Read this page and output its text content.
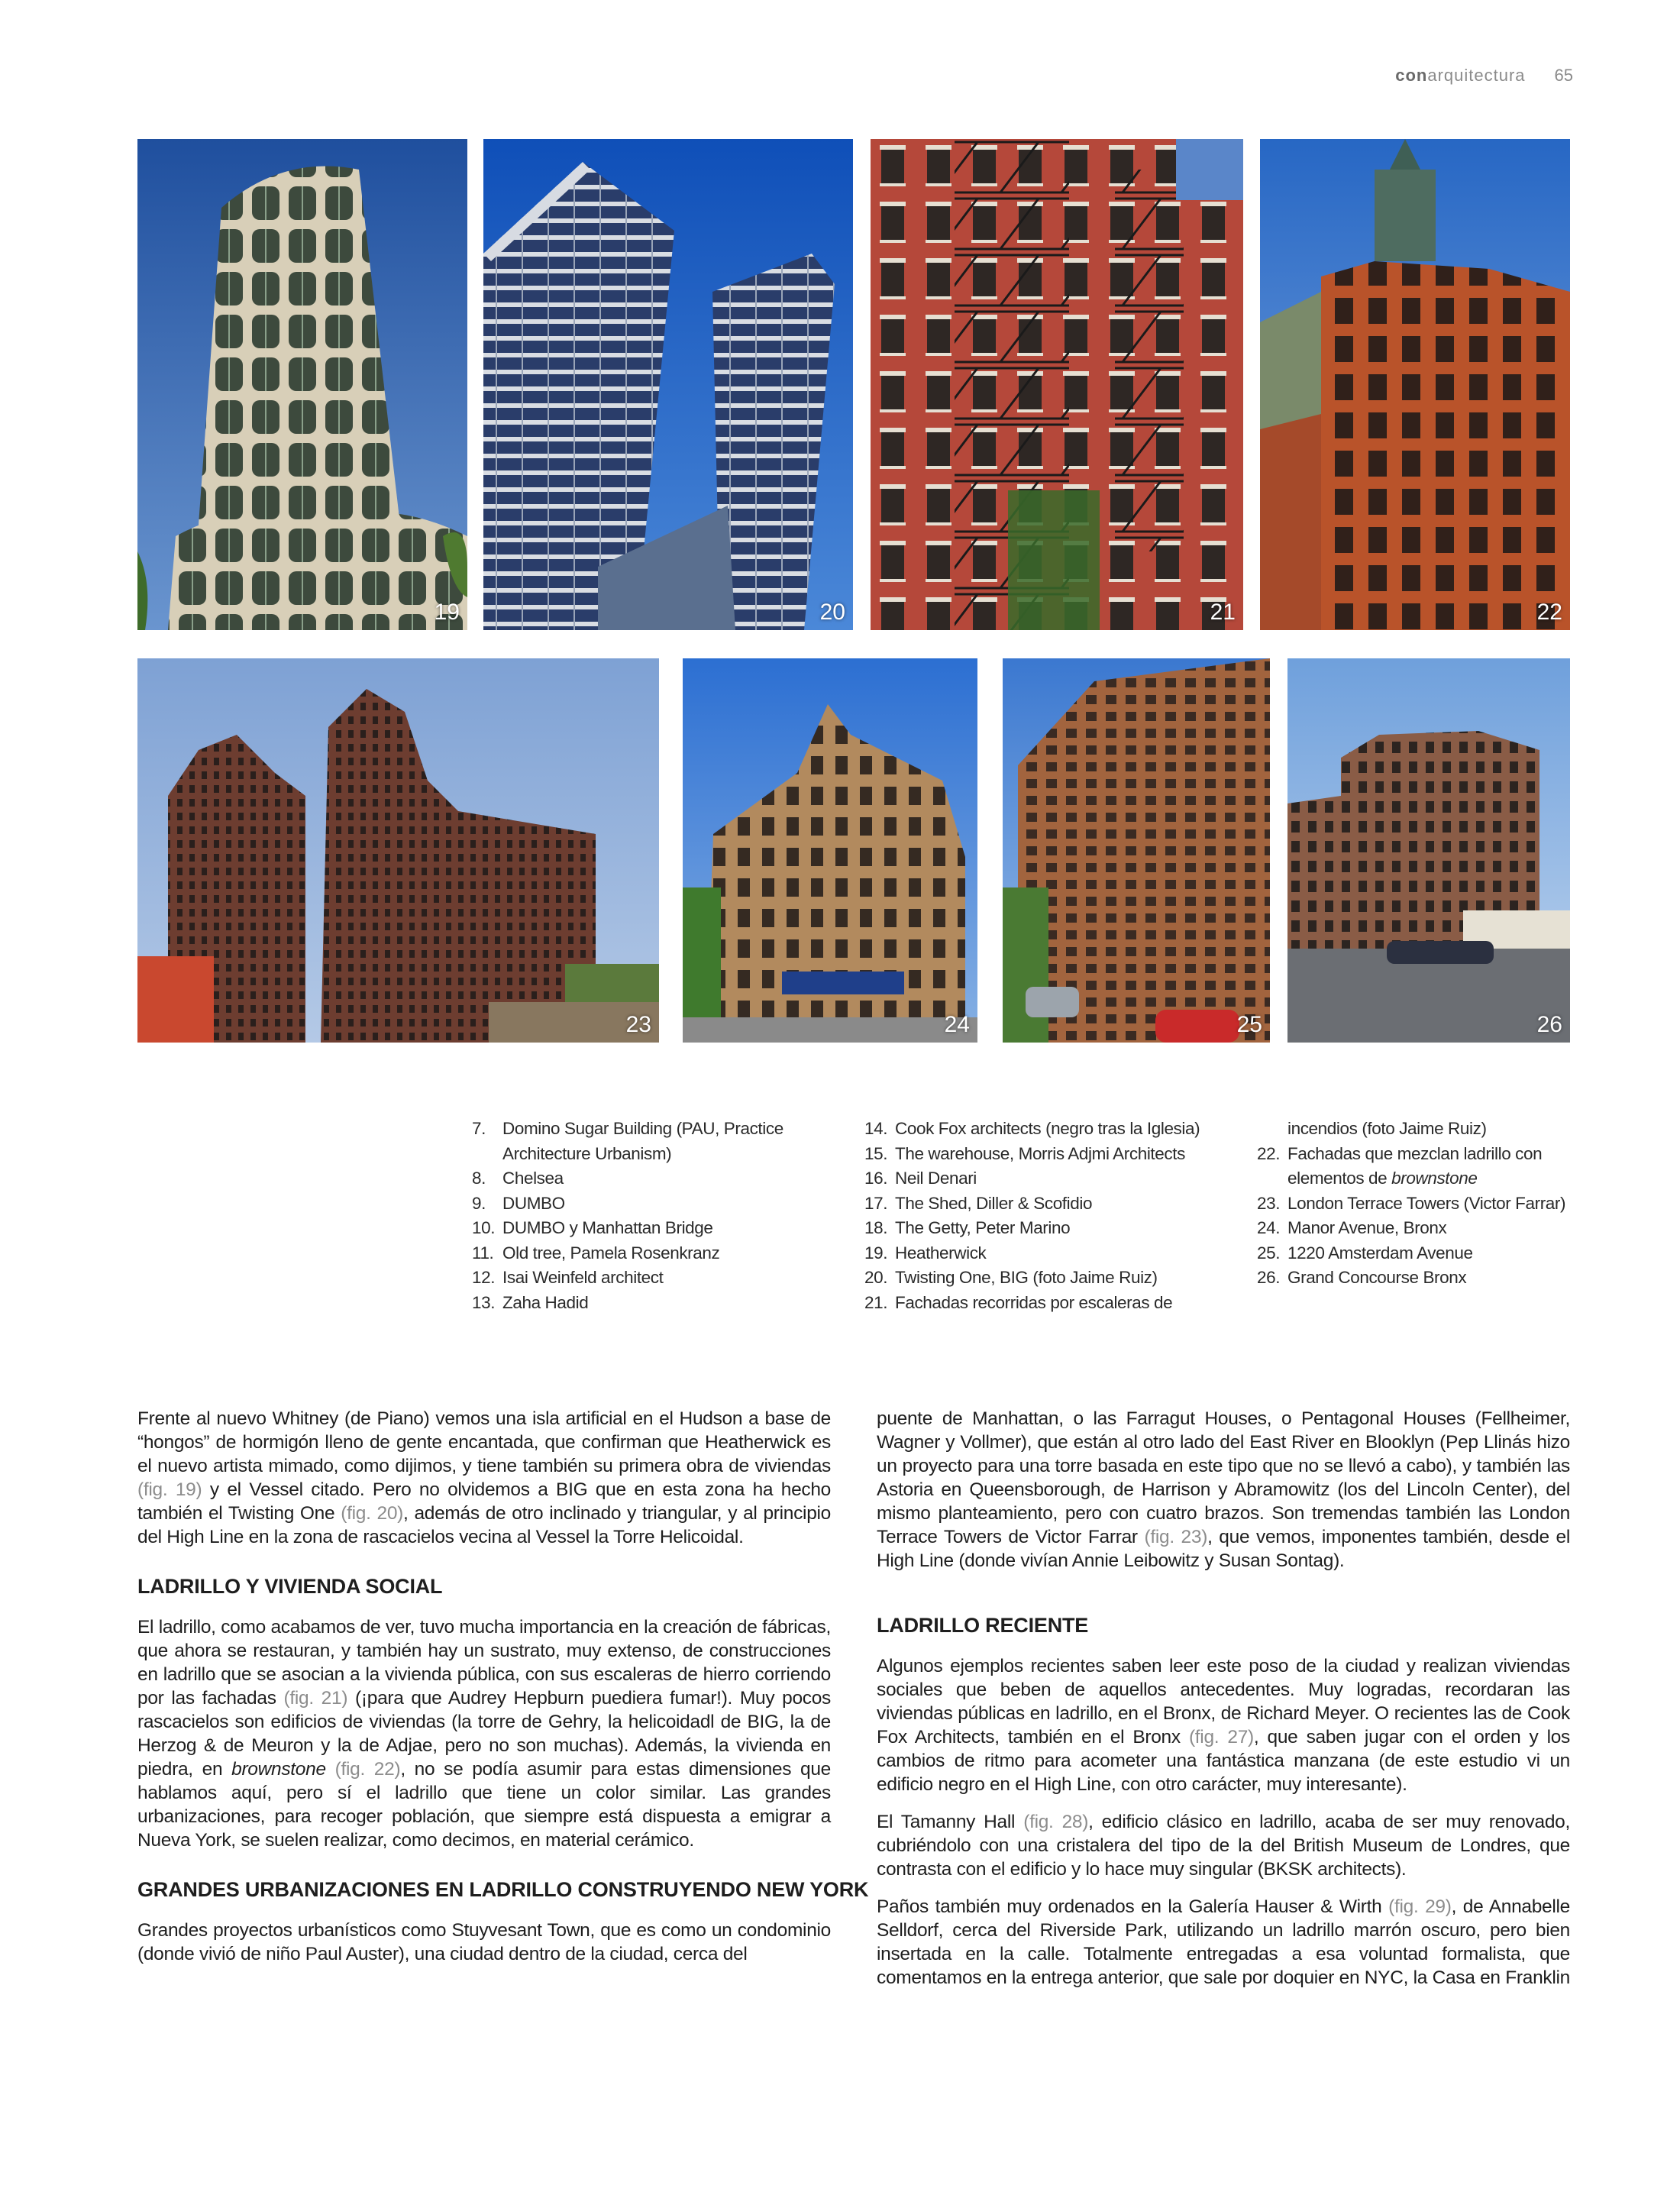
conarquitectura 65
19	20	21	22
23	24	25	26
7. Domino Sugar Building (PAU, Practice Architecture Urbanism)
8. Chelsea
9. DUMBO
10. DUMBO y Manhattan Bridge
11. Old tree, Pamela Rosenkranz
12. Isai Weinfeld architect
13. Zaha Hadid
14. Cook Fox architects (negro tras la Iglesia)
15. The warehouse, Morris Adjmi Architects
16. Neil Denari
17. The Shed, Diller & Scofidio
18. The Getty, Peter Marino
19. Heatherwick
20. Twisting One, BIG (foto Jaime Ruiz)
21. Fachadas recorridas por escaleras de
incendios (foto Jaime Ruiz)
22. Fachadas que mezclan ladrillo con elementos de brownstone
23. London Terrace Towers (Victor Farrar)
24. Manor Avenue, Bronx
25. 1220 Amsterdam Avenue
26. Grand Concourse Bronx

Frente al nuevo Whitney (de Piano) vemos una isla artificial en el Hudson a base de “hongos” de hormigón lleno de gente encantada, que confirman que Heatherwick es el nuevo artista mimado, como dijimos, y tiene también su primera obra de viviendas (fig. 19) y el Vessel citado. Pero no olvidemos a BIG que en esta zona ha hecho también el Twisting One (fig. 20), además de otro inclinado y triangular, y al principio del High Line en la zona de rascacielos vecina al Vessel la Torre Helicoidal.

LADRILLO Y VIVIENDA SOCIAL

El ladrillo, como acabamos de ver, tuvo mucha importancia en la creación de fábricas, que ahora se restauran, y también hay un sustrato, muy extenso, de construcciones en ladrillo que se asocian a la vivienda pública, con sus escaleras de hierro corriendo por las fachadas (fig. 21) (¡para que Audrey Hepburn puediera fumar!). Muy pocos rascacielos son edificios de viviendas (la torre de Gehry, la helicoidadl de BIG, la de Herzog & de Meuron y la de Adjae, pero no son muchas). Además, la vivienda en piedra, en brownstone (fig. 22), no se podía asumir para estas dimensiones que hablamos aquí, pero sí el ladrillo que tiene un color similar. Las grandes urbanizaciones, para recoger población, que siempre está dispuesta a emigrar a Nueva York, se suelen realizar, como decimos, en material cerámico.

GRANDES URBANIZACIONES EN LADRILLO CONSTRUYENDO NEW YORK

Grandes proyectos urbanísticos como Stuyvesant Town, que es como un condominio (donde vivió de niño Paul Auster), una ciudad dentro de la ciudad, cerca del

puente de Manhattan, o las Farragut Houses, o Pentagonal Houses (Fellheimer, Wagner y Vollmer), que están al otro lado del East River en Blooklyn (Pep Llinás hizo un proyecto para una torre basada en este tipo que no se llevó a cabo), y también las Astoria en Queensborough, de Harrison y Abramowitz (los del Lincoln Center), del mismo planteamiento, pero con cuatro brazos. Son tremendas también las London Terrace Towers de Victor Farrar (fig. 23), que vemos, imponentes también, desde el High Line (donde vivían Annie Leibowitz y Susan Sontag).

LADRILLO RECIENTE

Algunos ejemplos recientes saben leer este poso de la ciudad y realizan viviendas sociales que beben de aquellos antecedentes. Muy logradas, recordaran las viviendas públicas en ladrillo, en el Bronx, de Richard Meyer. O recientes las de Cook Fox Architects, también en el Bronx (fig. 27), que saben jugar con el orden y los cambios de ritmo para acometer una fantástica manzana (de este estudio vi un edificio negro en el High Line, con otro carácter, muy interesante).

El Tamanny Hall (fig. 28), edificio clásico en ladrillo, acaba de ser muy renovado, cubriéndolo con una cristalera del tipo de la del British Museum de Londres, que contrasta con el edificio y lo hace muy singular (BKSK architects).

Paños también muy ordenados en la Galería Hauser & Wirth (fig. 29), de Annabelle Selldorf, cerca del Riverside Park, utilizando un ladrillo marrón oscuro, pero bien insertada en la calle. Totalmente entregadas a esa voluntad formalista, que comentamos en la entrega anterior, que sale por doquier en NYC, la Casa en Franklin
